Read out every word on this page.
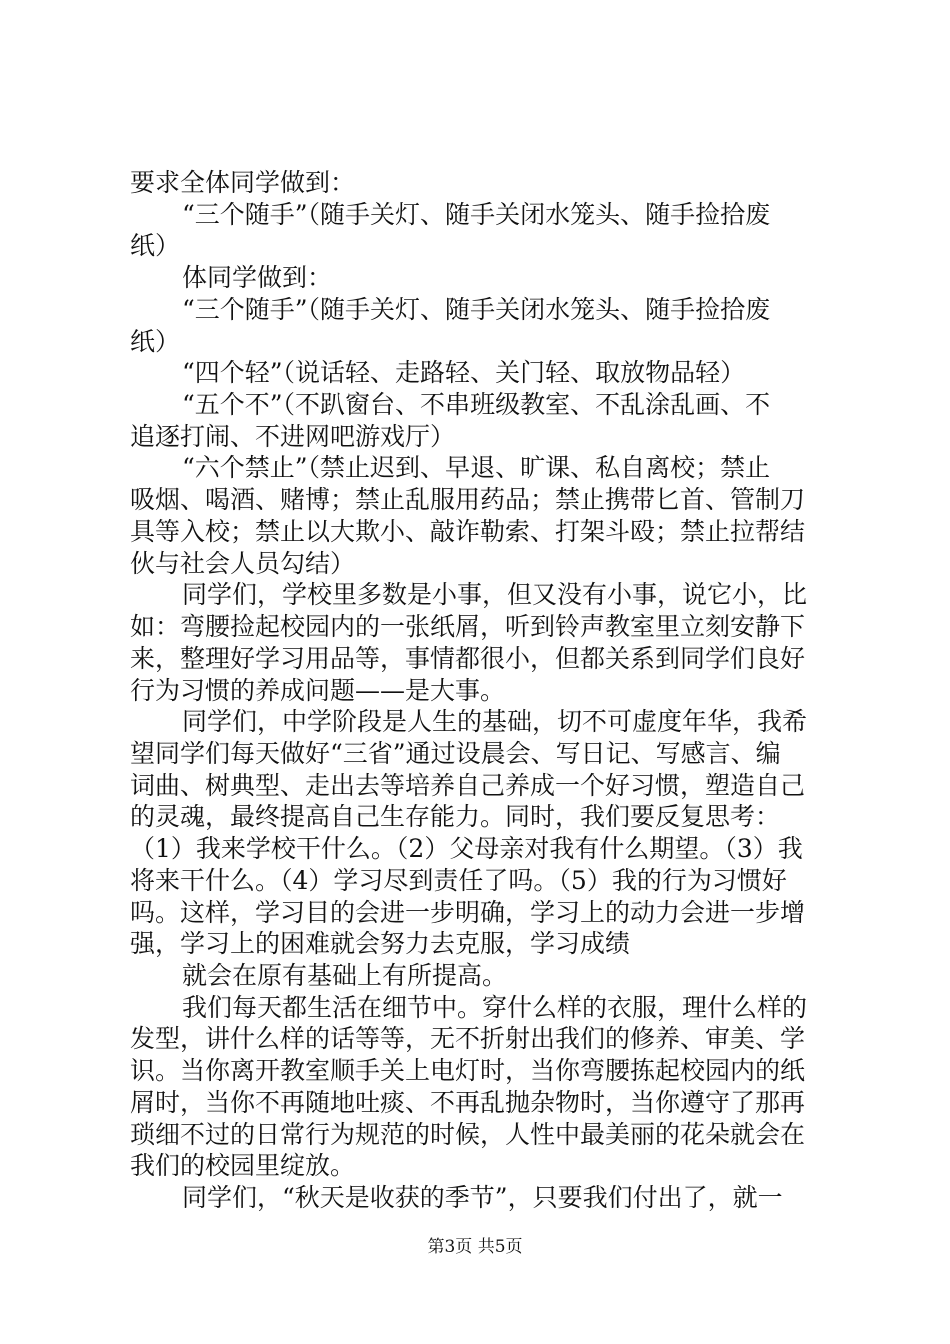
要求全体同学做到：
“三个随手”（随手关灯、随手关闭水笼头、随手捡拾废
纸）
体同学做到：
“三个随手”（随手关灯、随手关闭水笼头、随手捡拾废
纸）
“四个轻”（说话轻、走路轻、关门轻、取放物品轻）
“五个不”（不趴窗台、不串班级教室、不乱涂乱画、不
追逐打闹、不进网吧游戏厅）
“六个禁止”（禁止迟到、早退、旷课、私自离校；禁止
吸烟、喝酒、赌博；禁止乱服用药品；禁止携带匕首、管制刀
具等入校；禁止以大欺小、敲诈勒索、打架斗殴；禁止拉帮结
伙与社会人员勾结）
同学们，学校里多数是小事，但又没有小事，说它小，比
如：弯腰捡起校园内的一张纸屑，听到铃声教室里立刻安静下
来，整理好学习用品等，事情都很小，但都关系到同学们良好
行为习惯的养成问题——是大事。
同学们，中学阶段是人生的基础，切不可虚度年华，我希
望同学们每天做好“三省”通过设晨会、写日记、写感言、编
词曲、树典型、走出去等培养自己养成一个好习惯，塑造自己
的灵魂，最终提高自己生存能力。同时，我们要反复思考：
（1）我来学校干什么。（2）父母亲对我有什么期望。（3）我
将来干什么。（4）学习尽到责任了吗。（5）我的行为习惯好
吗。这样，学习目的会进一步明确，学习上的动力会进一步增
强，学习上的困难就会努力去克服，学习成绩
就会在原有基础上有所提高。
我们每天都生活在细节中。穿什么样的衣服，理什么样的
发型，讲什么样的话等等，无不折射出我们的修养、审美、学
识。当你离开教室顺手关上电灯时，当你弯腰拣起校园内的纸
屑时，当你不再随地吐痰、不再乱抛杂物时，当你遵守了那再
琐细不过的日常行为规范的时候，人性中最美丽的花朵就会在
我们的校园里绽放。
同学们，“秋天是收获的季节”，只要我们付出了，就一
第3页 共5页
